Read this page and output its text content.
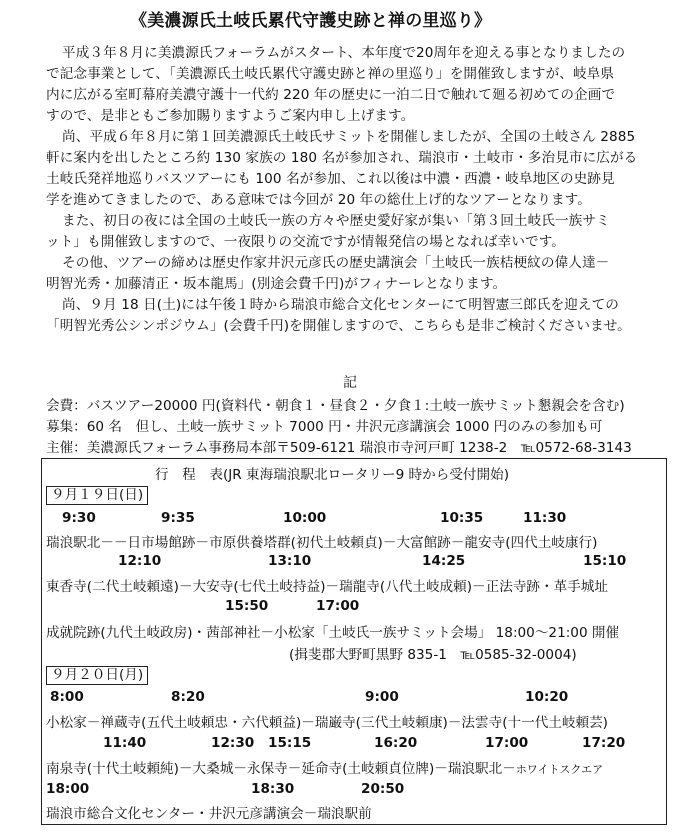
《美濃源氏土岐氏累代守護史跡と禅の里巡り》
平成３年８月に美濃源氏フォーラムがスタート、本年度で20周年を迎える事となりましたの
で記念事業として、「美濃源氏土岐氏累代守護史跡と禅の里巡り」を開催致しますが、岐阜県
内に広がる室町幕府美濃守護十一代約 220 年の歴史に一泊二日で触れて廻る初めての企画で
すので、是非ともご参加賜りますようご案内申し上げます。
尚、平成６年８月に第１回美濃源氏土岐氏サミットを開催しましたが、全国の土岐さん 2885
軒に案内を出したところ約 130 家族の 180 名が参加され、瑞浪市・土岐市・多治見市に広がる
土岐氏発祥地巡りバスツアーにも 100 名が参加、これ以後は中濃・西濃・岐阜地区の史跡見
学を進めてきましたので、ある意味では今回が 20 年の総仕上げ的なツアーとなります。
また、初日の夜には全国の土岐氏一族の方々や歴史愛好家が集い「第３回土岐氏一族サミ
ット」も開催致しますので、一夜限りの交流ですが情報発信の場となれば幸いです。
その他、ツアーの締めは歴史作家井沢元彦氏の歴史講演会「土岐氏一族桔梗紋の偉人達－
明智光秀・加藤清正・坂本龍馬」(別途会費千円)がフィナーレとなります。
尚、９月 18 日(土)には午後１時から瑞浪市総合文化センターにて明智憲三郎氏を迎えての
「明智光秀公シンポジウム」(会費千円)を開催しますので、こちらも是非ご検討くださいませ。
記
会費：バスツアー20000 円(資料代・朝食１・昼食２・夕食１:土岐一族サミット懇親会を含む)
募集：60 名　但し、土岐一族サミット 7000 円・井沢元彦講演会 1000 円のみの参加も可
主催：美濃源氏フォーラム事務局本部〒509-6121 瑞浪市寺河戸町 1238-2　℡0572-68-3143
行　程　表(JR 東海瑞浪駅北ロータリー9 時から受付開始)
９月１９日(日)
9:30	9:35	10:00	10:35	11:30
瑞浪駅北－－日市場館跡－市原供養塔群(初代土岐頼貞)－大富館跡－龍安寺(四代土岐康行)
12:10	13:10	14:25	15:10
東香寺(二代土岐頼遠)－大安寺(七代土岐持益)－瑞龍寺(八代土岐成頼)－正法寺跡・革手城址
15:50	17:00
成就院跡(九代土岐政房)・茜部神社－小松家「土岐氏一族サミット会場」 18:00～21:00 開催
(揖斐郡大野町黒野 835-1　℡0585-32-0004)
９月２０日(月)
8:00	8:20	9:00	10:20
小松家－禅蔵寺(五代土岐頼忠・六代頼益)－瑞巌寺(三代土岐頼康)－法雲寺(十一代土岐頼芸)
11:40	12:30 15:15	16:20	17:00	17:20
南泉寺(十代土岐頼純)－大桑城－永保寺－延命寺(土岐頼貞位牌)－瑞浪駅北－ホワイトスクエア
18:00	18:30	20:50
瑞浪市総合文化センター・井沢元彦講演会－瑞浪駅前
